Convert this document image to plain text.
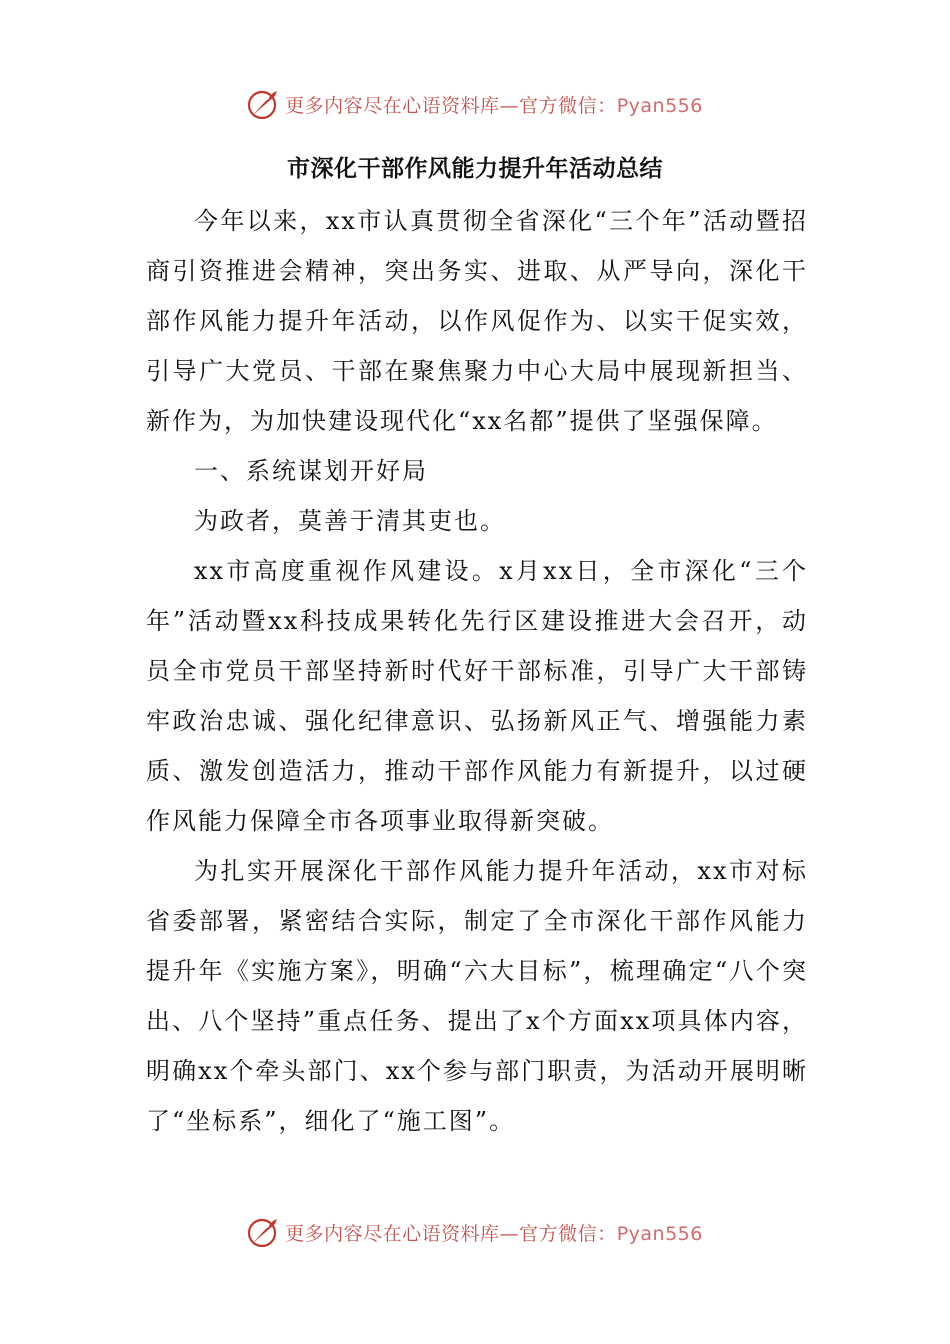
更多内容尽在心语资料库—官方微信：Pyan556
市深化干部作风能力提升年活动总结

今年以来，xx市认真贯彻全省深化“三个年”活动暨招商引资推进会精神，突出务实、进取、从严导向，深化干部作风能力提升年活动，以作风促作为、以实干促实效，引导广大党员、干部在聚焦聚力中心大局中展现新担当、新作为，为加快建设现代化“xx名都”提供了坚强保障。

一、系统谋划开好局

为政者，莫善于清其吏也。

xx市高度重视作风建设。x月xx日，全市深化“三个年”活动暨xx科技成果转化先行区建设推进大会召开，动员全市党员干部坚持新时代好干部标准，引导广大干部铸牢政治忠诚、强化纪律意识、弘扬新风正气、增强能力素质、激发创造活力，推动干部作风能力有新提升，以过硬作风能力保障全市各项事业取得新突破。

为扎实开展深化干部作风能力提升年活动，xx市对标省委部署，紧密结合实际，制定了全市深化干部作风能力提升年《实施方案》，明确“六大目标”，梳理确定“八个突出、八个坚持”重点任务、提出了x个方面xx项具体内容，明确xx个牵头部门、xx个参与部门职责，为活动开展明晰了“坐标系”，细化了“施工图”。

更多内容尽在心语资料库—官方微信：Pyan556
